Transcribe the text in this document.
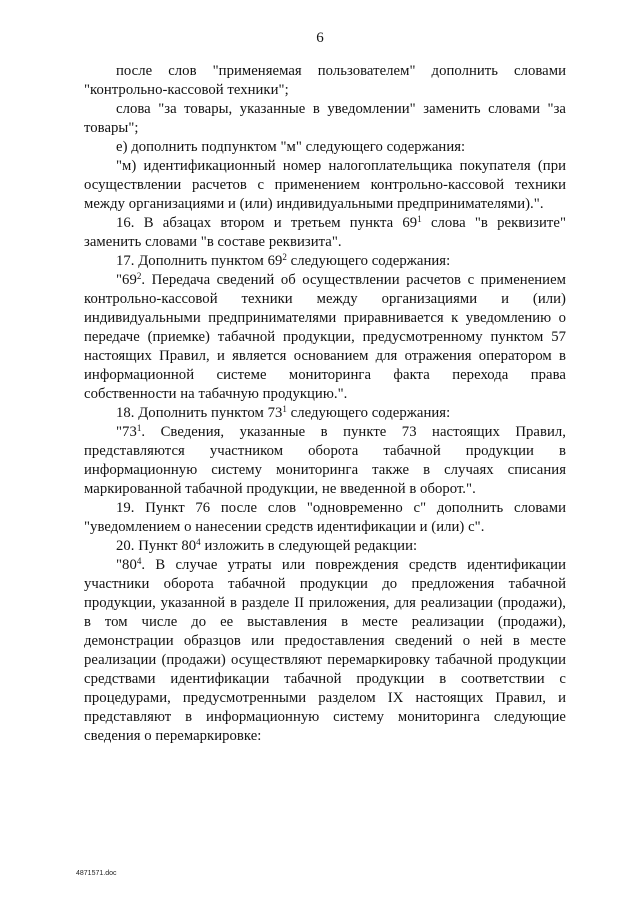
6

после слов "применяемая пользователем" дополнить словами "контрольно-кассовой техники";

слова "за товары, указанные в уведомлении" заменить словами "за товары";

е) дополнить подпунктом "м" следующего содержания:

"м) идентификационный номер налогоплательщика покупателя (при осуществлении расчетов с применением контрольно-кассовой техники между организациями и (или) индивидуальными предпринимателями).".

16. В абзацах втором и третьем пункта $69^1$ слова "в реквизите" заменить словами "в составе реквизита".

17. Дополнить пунктом $69^2$ следующего содержания:

"$69^2$. Передача сведений об осуществлении расчетов с применением контрольно-кассовой техники между организациями и (или) индивидуальными предпринимателями приравнивается к уведомлению о передаче (приемке) табачной продукции, предусмотренному пунктом 57 настоящих Правил, и является основанием для отражения оператором в информационной системе мониторинга факта перехода права собственности на табачную продукцию.".

18. Дополнить пунктом $73^1$ следующего содержания:

"$73^1$. Сведения, указанные в пункте 73 настоящих Правил, представляются участником оборота табачной продукции в информационную систему мониторинга также в случаях списания маркированной табачной продукции, не введенной в оборот.".

19. Пункт 76 после слов "одновременно с" дополнить словами "уведомлением о нанесении средств идентификации и (или) с".

20. Пункт $80^4$ изложить в следующей редакции:

"$80^4$. В случае утраты или повреждения средств идентификации участники оборота табачной продукции до предложения табачной продукции, указанной в разделе II приложения, для реализации (продажи), в том числе до ее выставления в месте реализации (продажи), демонстрации образцов или предоставления сведений о ней в месте реализации (продажи) осуществляют перемаркировку табачной продукции средствами идентификации табачной продукции в соответствии с процедурами, предусмотренными разделом IX настоящих Правил, и представляют в информационную систему мониторинга следующие сведения о перемаркировке:

4871571.doc
